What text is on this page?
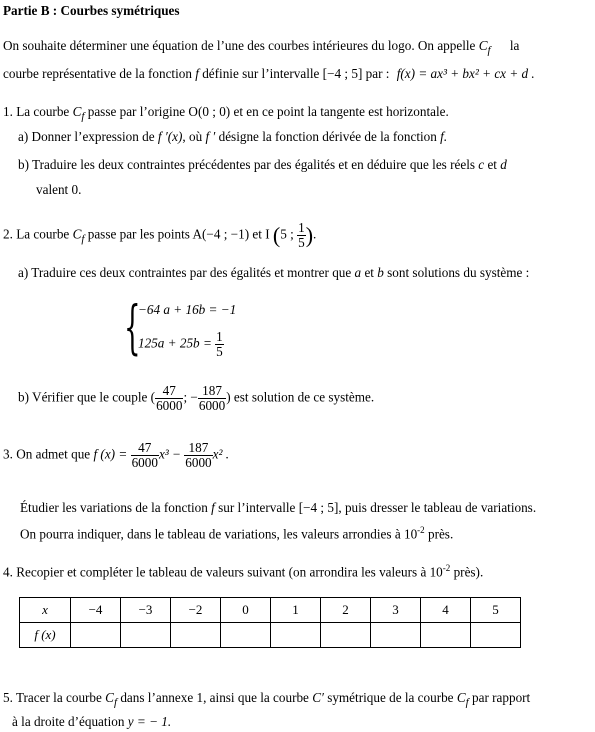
Partie B : Courbes symétriques
On souhaite déterminer une équation de l’une des courbes intérieures du logo. On appelle $C_f$ la
courbe représentative de la fonction f définie sur l’intervalle [−4 ; 5] par : f(x) = ax³ + bx² + cx + d .
1. La courbe $C_f$ passe par l’origine O(0 ; 0) et en ce point la tangente est horizontale.
a) Donner l’expression de f ′(x), où f ′ désigne la fonction dérivée de la fonction f.
b) Traduire les deux contraintes précédentes par des égalités et en déduire que les réels c et d
valent 0.
2. La courbe $C_f$ passe par les points A(−4 ; −1) et I (5 ; $\frac{1}{5}$ ).
a) Traduire ces deux contraintes par des égalités et montrer que a et b sont solutions du système :
{
−64 a + 16b = −1
$125a + 25b = \frac{1}{5}$
b) Vérifier que le couple ( $\frac{47}{6000}$ ; − $\frac{187}{6000}$ ) est solution de ce système.
3. On admet que f $(x) = \frac{47}{6000} x^3 - \frac{187}{6000} x^2$ .
Étudier les variations de la fonction f sur l’intervalle [−4 ; 5], puis dresser le tableau de variations.
On pourra indiquer, dans le tableau de variations, les valeurs arrondies à $10^{-2}$ près.
4. Recopier et compléter le tableau de valeurs suivant (on arrondira les valeurs à $10^{-2}$ près).
x	−4	−3	−2	0	1	2	3	4	5
f (x)									
5. Tracer la courbe $C_f$ dans l’annexe 1, ainsi que la courbe C′ symétrique de la courbe $C_f$ par rapport
à la droite d’équation y = − 1.
